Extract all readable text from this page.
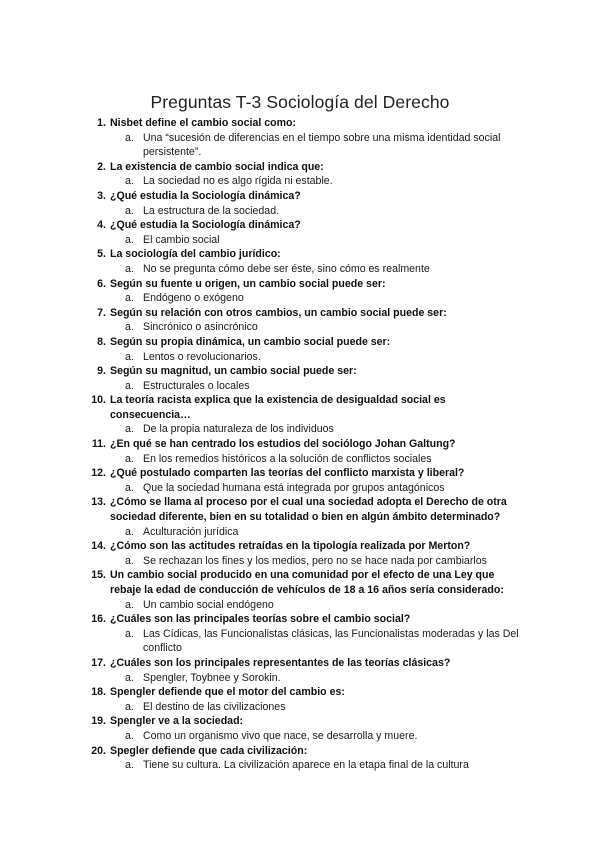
Preguntas T-3 Sociología del Derecho
1. Nisbet define el cambio social como:
a. Una “sucesión de diferencias en el tiempo sobre una misma identidad social persistente”.
2. La existencia de cambio social indica que:
a. La sociedad no es algo rígida ni estable.
3. ¿Qué estudia la Sociología dinámica?
a. La estructura de la sociedad.
4. ¿Qué estudia la Sociología dinámica?
a. El cambio social
5. La sociología del cambio jurídico:
a. No se pregunta cómo debe ser éste, sino cómo es realmente
6. Según su fuente u origen, un cambio social puede ser:
a. Endógeno o exógeno
7. Según su relación con otros cambios, un cambio social puede ser:
a. Sincrónico o asincrónico
8. Según su propia dinámica, un cambio social puede ser:
a. Lentos o revolucionarios.
9. Según su magnitud, un cambio social puede ser:
a. Estructurales o locales
10. La teoría racista explica que la existencia de desigualdad social es consecuencia…
a. De la propia naturaleza de los individuos
11. ¿En qué se han centrado los estudios del sociólogo Johan Galtung?
a. En los remedios históricos a la solución de conflictos sociales
12. ¿Qué postulado comparten las teorías del conflicto marxista y liberal?
a. Que la sociedad humana está integrada por grupos antagónicos
13. ¿Cómo se llama al proceso por el cual una sociedad adopta el Derecho de otra sociedad diferente, bien en su totalidad o bien en algún ámbito determinado?
a. Aculturación jurídica
14. ¿Cómo son las actitudes retraídas en la tipología realizada por Merton?
a. Se rechazan los fines y los medios, pero no se hace nada por cambiarlos
15. Un cambio social producido en una comunidad por el efecto de una Ley que rebaje la edad de conducción de vehículos de 18 a 16 años sería considerado:
a. Un cambio social endógeno
16. ¿Cuáles son las principales teorías sobre el cambio social?
a. Las Cídicas, las Funcionalistas clásicas, las Funcionalistas moderadas y las Del conflicto
17. ¿Cuáles son los principales representantes de las teorías clásicas?
a. Spengler, Toybnee y Sorokin.
18. Spengler defiende que el motor del cambio es:
a. El destino de las civilizaciones
19. Spengler ve a la sociedad:
a. Como un organismo vivo que nace, se desarrolla y muere.
20. Spegler defiende que cada civilización:
a. Tiene su cultura. La civilización aparece en la etapa final de la cultura
